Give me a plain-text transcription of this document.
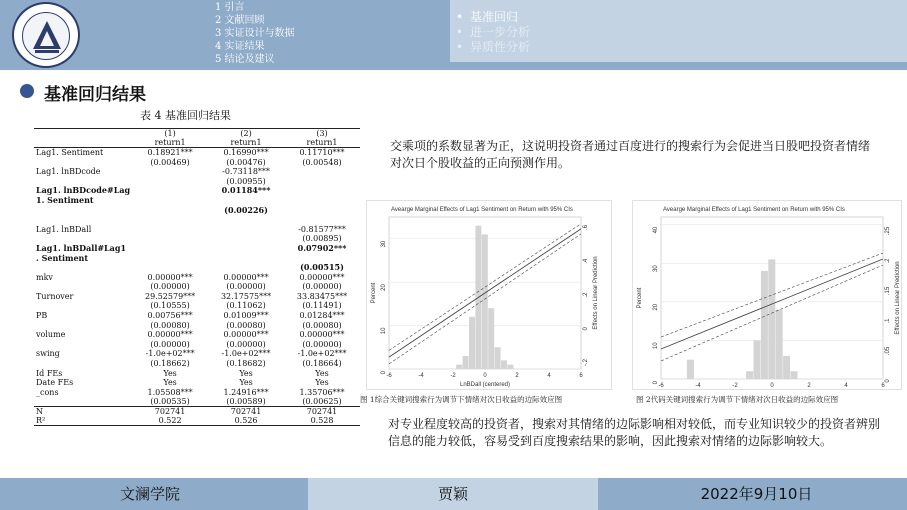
1 引言
2 文献回顾
3 实证设计与数据
4 实证结果
5 结论及建议
• 基准回归
• 进一步分析
• 异质性分析
基准回归结果
表 4 基准回归结果
	(1)	(2)	(3)
	return1	return1	return1
Lag1. Sentiment	0.18921***	0.16990***	0.11710***
	(0.00469)	(0.00476)	(0.00548)
Lag1. lnBDcode		-0.73118***	
		(0.00955)	
Lag1. lnBDcode#Lag		0.01184***	
1. Sentiment			
		(0.00226)	

Lag1. lnBDall			-0.81577***
			(0.00895)
Lag1. lnBDall#Lag1			0.07902***
. Sentiment			
			(0.00515)
mkv	0.00000***	0.00000***	0.00000***
	(0.00000)	(0.00000)	(0.00000)
Turnover	29.52579***	32.17575***	33.83475***
	(0.10555)	(0.11062)	(0.11491)
PB	0.00756***	0.01009***	0.01284***
	(0.00080)	(0.00080)	(0.00080)
volume	0.00000***	0.00000***	0.00000***
	(0.00000)	(0.00000)	(0.00000)
swing	-1.0e+02***	-1.0e+02***	-1.0e+02***
	(0.18662)	(0.18682)	(0.18664)
Id FEs	Yes	Yes	Yes
Date FEs	Yes	Yes	Yes
_cons	1.05508***	1.24916***	1.35706***
	(0.00535)	(0.00589)	(0.00625)
N	702741	702741	702741
R²	0.522	0.526	0.528
交乘项的系数显著为正，这说明投资者通过百度进行的搜索行为会促进当日股吧投资者情绪对次日个股收益的正向预测作用。
Avearge Marginal Effects of Lag1 Sentiment on Return with 95% CIs
0
10
20
30
-.2
0
.2
.4
.6
-6	-4	-2	0	2	4	6
LnBDall (centered)
Percent	Effects on Linear Prediction
Avearge Marginal Effects of Lag1 Sentiment on Return with 95% CIs
0
10
20
30
40
0
.05
.1
.15
.2
.25
-6	-4	-2	0	2	4	6
Percent	Effects on Linear Prediction
图 1综合关键词搜索行为调节下情绪对次日收益的边际效应图	图 2代码关键词搜索行为调节下情绪对次日收益的边际效应图
对专业程度较高的投资者，搜索对其情绪的边际影响相对较低，而专业知识较少的投资者辨别信息的能力较低，容易受到百度搜索结果的影响，因此搜索对情绪的边际影响较大。
文澜学院	贾颖	2022年9月10日
